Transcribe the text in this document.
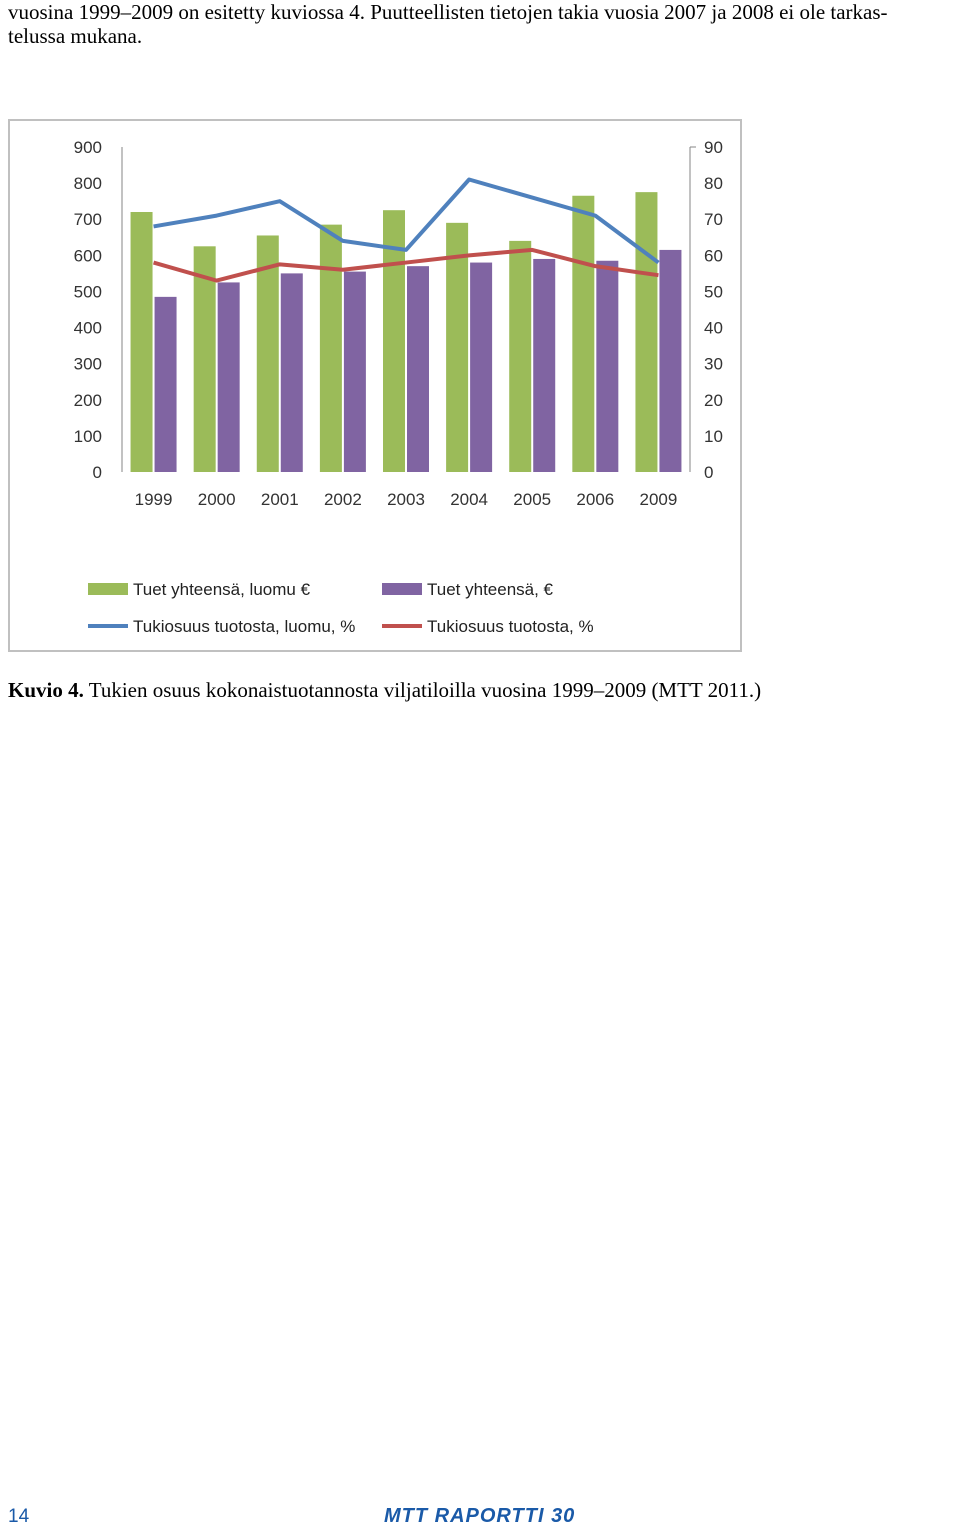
vuosina 1999–2009 on esitetty kuviossa 4. Puutteellisten tietojen takia vuosia 2007 ja 2008 ei ole tarkas-
telussa mukana.
0
100
200
300
400
500
600
700
800
900
0
10
20
30
40
50
60
70
80
90
1999 2000 2001 2002 2003 2004 2005 2006 2009
Tuet yhteensä, luomu €	Tuet yhteensä, €
Tukiosuus tuotosta, luomu, %	Tukiosuus tuotosta, %
Kuvio 4. Tukien osuus kokonaistuotannosta viljatiloilla vuosina 1999–2009 (MTT 2011.)
14	MTT RAPORTTI 30
